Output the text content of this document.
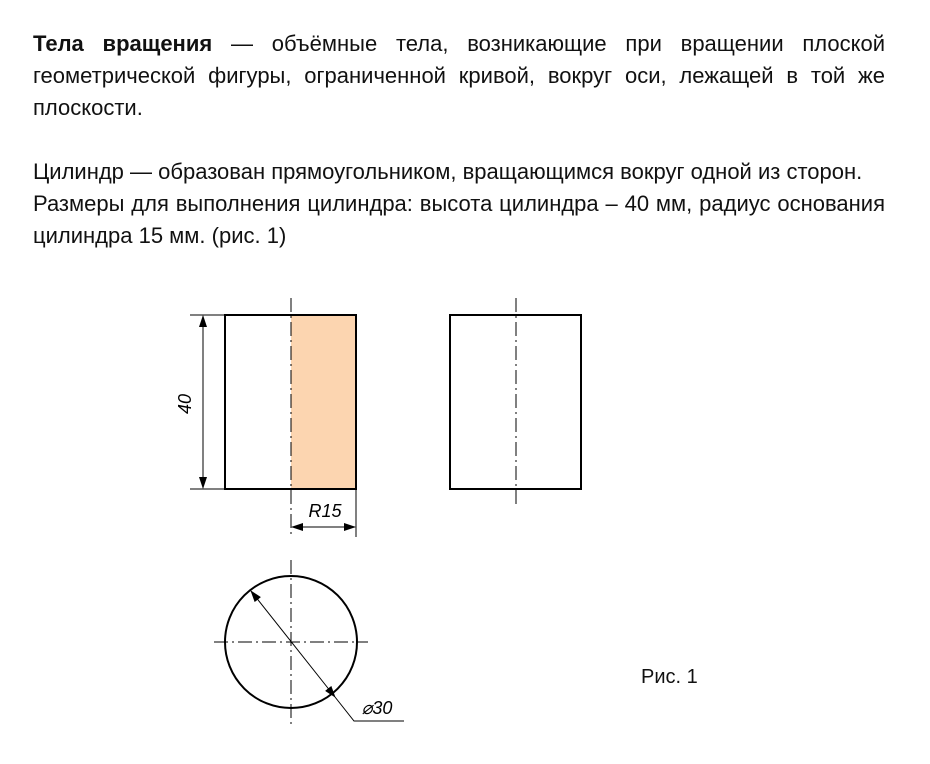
Тела вращения — объёмные тела, возникающие при вращении плоской геометрической фигуры, ограниченной кривой, вокруг оси, лежащей в той же плоскости.

Цилиндр — образован прямоугольником, вращающимся вокруг одной из сторон.

Размеры для выполнения цилиндра: высота цилиндра – 40 мм, радиус основания цилиндра 15 мм. (рис. 1)

40
R15
⌀30
Рис. 1
